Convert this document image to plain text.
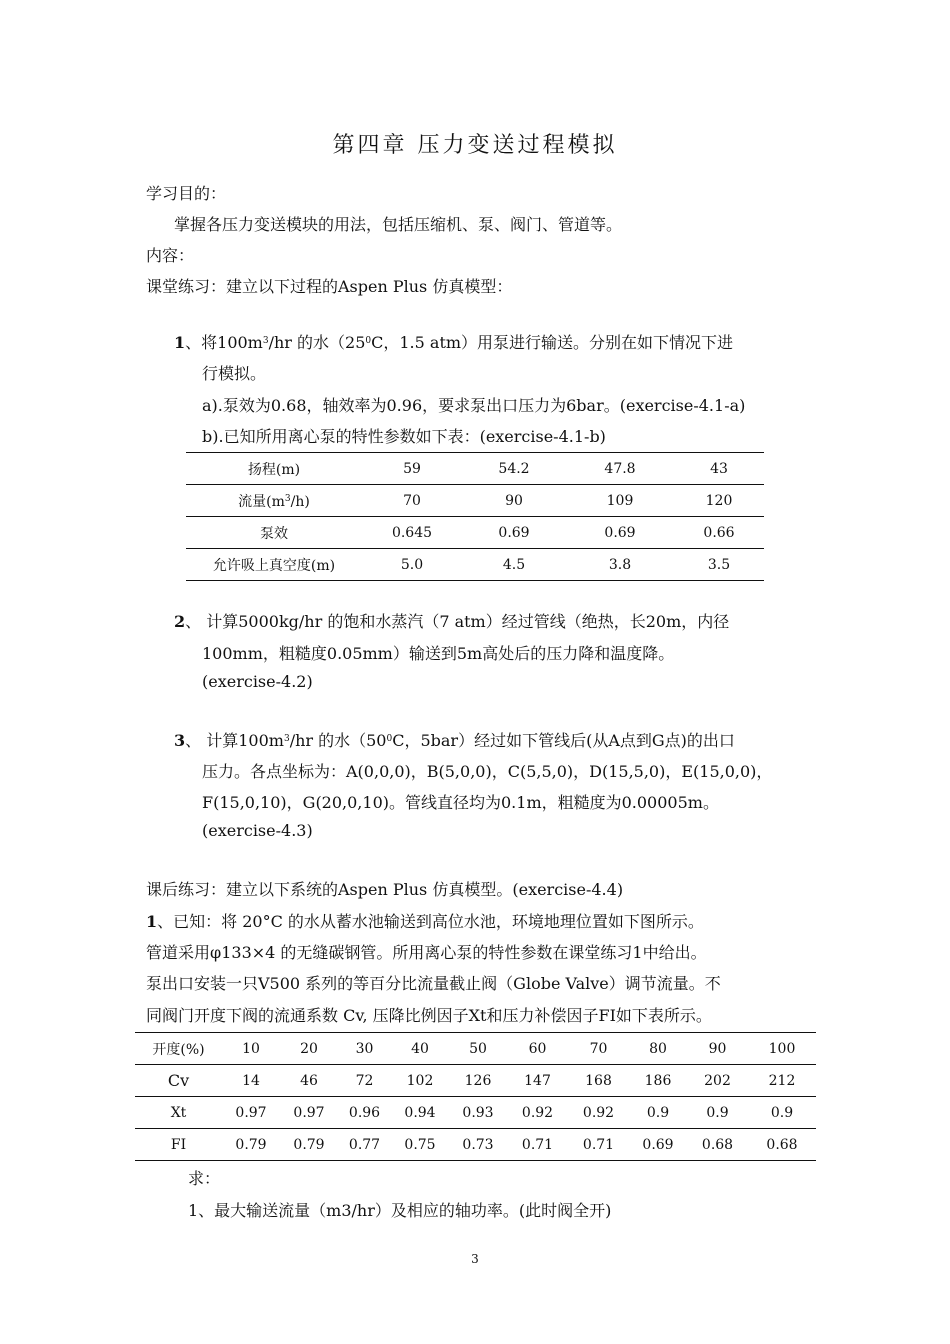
第四章 压力变送过程模拟
学习目的：
掌握各压力变送模块的用法，包括压缩机、泵、阀门、管道等。
内容：
课堂练习：建立以下过程的Aspen Plus 仿真模型：
1、将$100m^3/hr$ 的水（$25^0C$，1.5 atm）用泵进行输送。分别在如下情况下进
行模拟。
a).泵效为0.68，轴效率为0.96，要求泵出口压力为6bar。(exercise-4.1-a)
b).已知所用离心泵的特性参数如下表：(exercise-4.1-b)
扬程(m)	59	54.2	47.8	43
流量$(m^3/h)$	70	90	109	120
泵效	0.645	0.69	0.69	0.66
允许吸上真空度(m)	5.0	4.5	3.8	3.5
2、 计算5000kg/hr 的饱和水蒸汽（7 atm）经过管线（绝热，长20m，内径
100mm，粗糙度0.05mm）输送到5m高处后的压力降和温度降。
(exercise-4.2)
3、 计算$100m^3/hr$ 的水（$50^0C$，5bar）经过如下管线后(从A点到G点)的出口
压力。各点坐标为：A(0,0,0)，B(5,0,0)，C(5,5,0)，D(15,5,0)，E(15,0,0)，
F(15,0,10)，G(20,0,10)。管线直径均为0.1m，粗糙度为0.00005m。
(exercise-4.3)
课后练习：建立以下系统的Aspen Plus 仿真模型。(exercise-4.4)
1、已知：将 20°C 的水从蓄水池输送到高位水池，环境地理位置如下图所示。
管道采用φ133×4 的无缝碳钢管。所用离心泵的特性参数在课堂练习1中给出。
泵出口安装一只V500 系列的等百分比流量截止阀（Globe Valve）调节流量。不
同阀门开度下阀的流通系数 Cv, 压降比例因子Xt和压力补偿因子FI如下表所示。
开度(%)	10	20	30	40	50	60	70	80	90	100
Cv	14	46	72	102	126	147	168	186	202	212
Xt	0.97	0.97	0.96	0.94	0.93	0.92	0.92	0.9	0.9	0.9
FI	0.79	0.79	0.77	0.75	0.73	0.71	0.71	0.69	0.68	0.68
求：
1、最大输送流量（m3/hr）及相应的轴功率。(此时阀全开)
3
